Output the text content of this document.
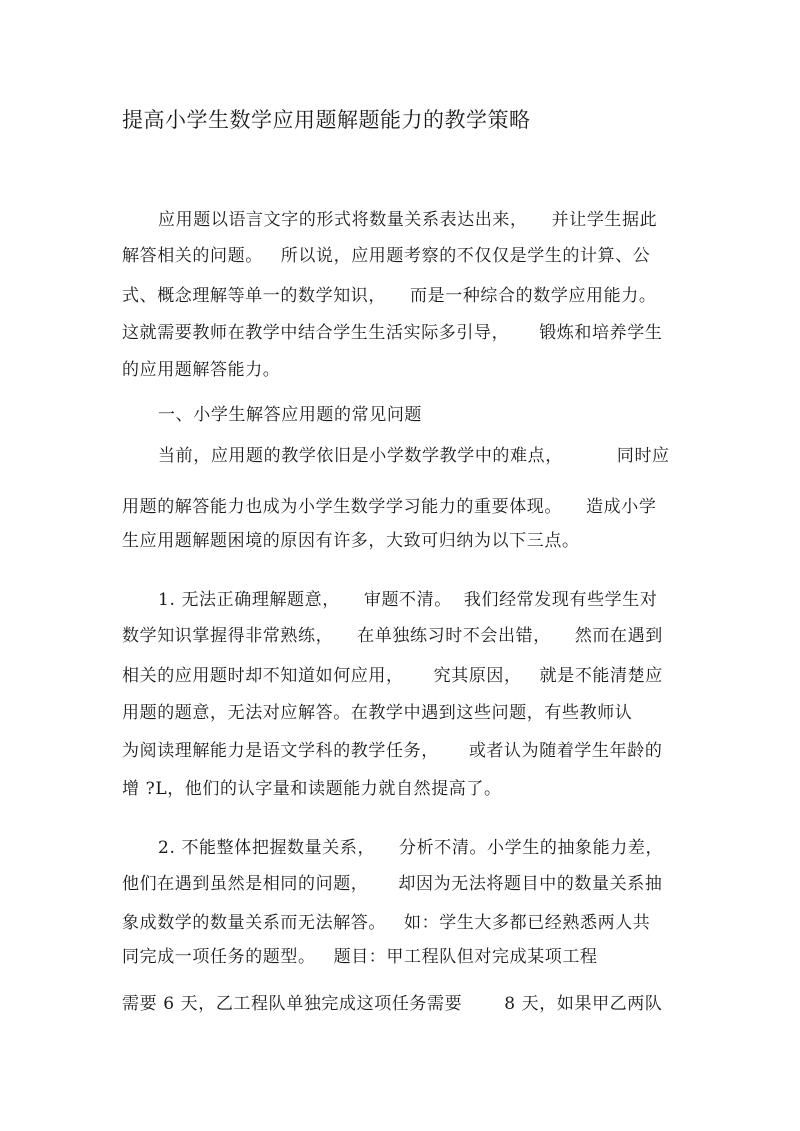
提高小学生数学应用题解题能力的教学策略
应用题以语言文字的形式将数量关系表达出来，    并让学生据此
解答相关的问题。   所以说，应用题考察的不仅仅是学生的计算、公
式、概念理解等单一的数学知识，    而是一种综合的数学应用能力。
这就需要教师在教学中结合学生生活实际多引导，     锻炼和培养学生
的应用题解答能力。
一、小学生解答应用题的常见问题
当前，应用题的教学依旧是小学数学教学中的难点，         同时应
用题的解答能力也成为小学生数学学习能力的重要体现。    造成小学
生应用题解题困境的原因有许多，大致可归纳为以下三点。
1. 无法正确理解题意，    审题不清。  我们经常发现有些学生对
数学知识掌握得非常熟练，    在单独练习时不会出错，    然而在遇到
相关的应用题时却不知道如何应用，     究其原因，   就是不能清楚应
用题的题意，无法对应解答。在教学中遇到这些问题，有些教师认
为阅读理解能力是语文学科的教学任务，     或者认为随着学生年龄的
增 ?L，他们的认字量和读题能力就自然提高了。
2. 不能整体把握数量关系，    分析不清。小学生的抽象能力差，
他们在遇到虽然是相同的问题，     却因为无法将题目中的数量关系抽
象成数学的数量关系而无法解答。   如：学生大多都已经熟悉两人共
同完成一项任务的题型。   题目：甲工程队但对完成某项工程
需要 6 天，乙工程队单独完成这项任务需要       8 天，如果甲乙两队
